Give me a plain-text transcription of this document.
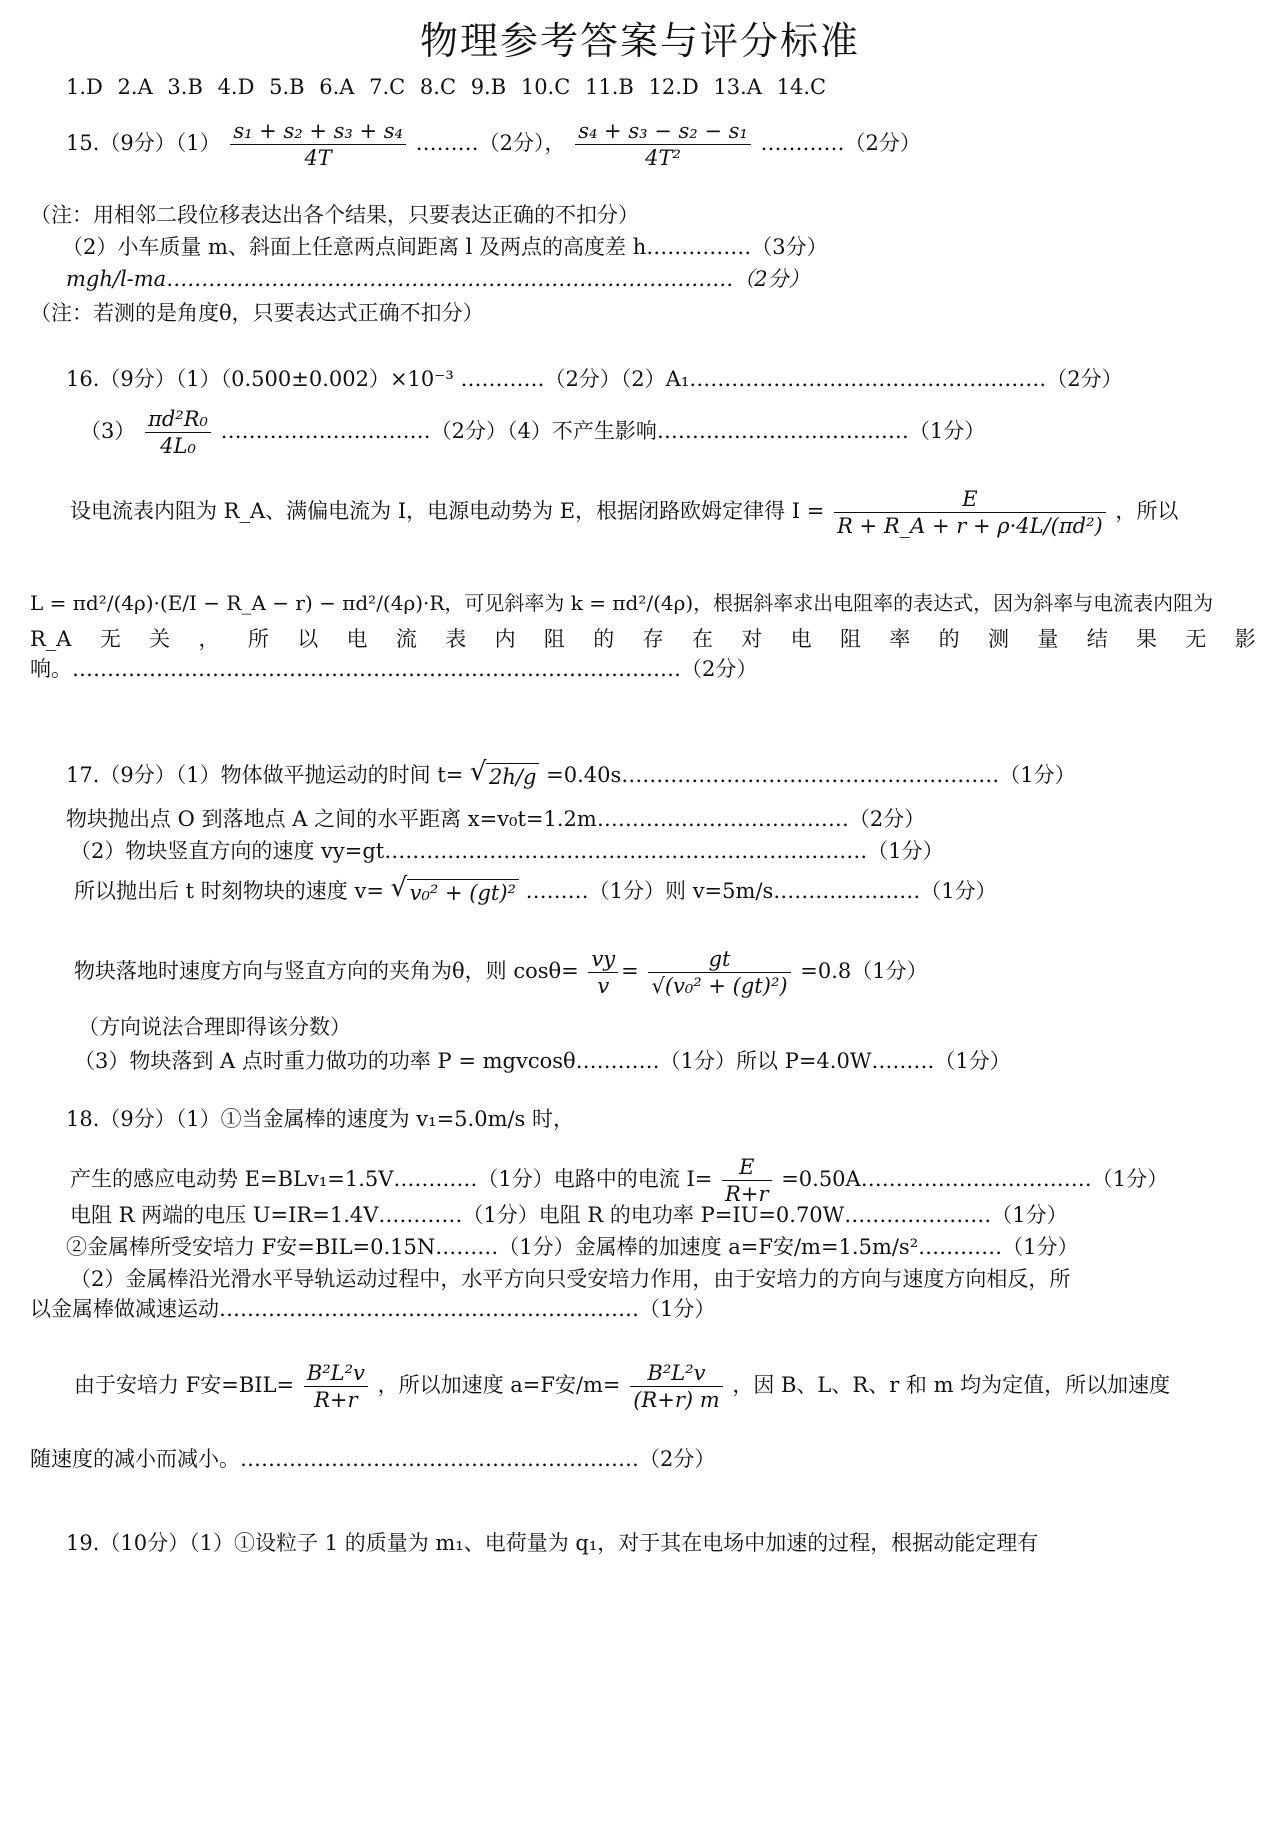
物理参考答案与评分标准
1.D 2.A 3.B 4.D 5.B 6.A 7.C 8.C 9.B 10.C 11.B 12.D 13.A 14.C
15.（9分）$(1) \frac{\text{s₁ + s₂ + s₃ + s₄}}{4T}$ ………（2分）， $\frac{\text{s₄ + s₃ − s₂ − s₁}}{\text{4T²}}$ …………（2分）
（注：用相邻二段位移表达出各个结果，只要表达正确的不扣分）
（2）小车质量 m、斜面上任意两点间距离 l 及两点的高度差 h……………（3分）
mgh/l-ma………………………………………………………………………（2分）
（注：若测的是角度θ，只要表达式正确不扣分）
16.（9分）（1）（0.500±0.002）×10⁻³ …………（2分）（2）A₁……………………………………………（2分）
$(3) \frac{\text{πd²R₀}}{\text{4L₀}}$ …………………………（2分）（4）不产生影响………………………………（1分）
设电流表内阻为 R_A、满偏电流为 I，电源电动势为 E，根据闭路欧姆定律得 $I = \frac{E}{\text{R + R\_A + r + ρ·4L/(πd²)}}$ ，所以
L = πd²/(4ρ)·(E/I − R_A − r) − πd²/(4ρ)·R，可见斜率为 k = πd²/(4ρ)，根据斜率求出电阻率的表达式，因为斜率与电流表内阻为
R_A 无 关 ， 所 以 电 流 表 内 阻 的 存 在 对 电 阻 率 的 测 量 结 果 无 影
响。……………………………………………………………………………（2分）
17.（9分）（1）物体做平抛运动的时间 t= √ 2h/g =0.40s………………………………………………（1分）
物块抛出点 O 到落地点 A 之间的水平距离 x=v₀t=1.2m………………………………（2分）
（2）物块竖直方向的速度 vy=gt……………………………………………………………（1分）
所以抛出后 t 时刻物块的速度 v= √ v₀² + (gt)² ………（1分）则 v=5m/s…………………（1分）
物块落地时速度方向与竖直方向的夹角为θ，则 $\cos\theta= \frac{vy}{v} = \frac{gt}{\text{√(v₀² + (gt)²)}} =0.8(1$分）
（方向说法合理即得该分数）
（3）物块落到 A 点时重力做功的功率 P = mgvcosθ…………（1分）所以 P=4.0W………（1分）
18.（9分）（1）①当金属棒的速度为 v₁=5.0m/s 时，
产生的感应电动势 E=BLv₁=1.5V…………（1分）电路中的电流 $I= \frac{E}{R+r}$ =0.50A……………………………（1分）
电阻 R 两端的电压 U=IR=1.4V…………（1分）电阻 R 的电功率 P=IU=0.70W…………………（1分）
②金属棒所受安培力 F安=BIL=0.15N………（1分）金属棒的加速度 a=F安/m=1.5m/s²…………（1分）
（2）金属棒沿光滑水平导轨运动过程中，水平方向只受安培力作用，由于安培力的方向与速度方向相反，所
以金属棒做减速运动……………………………………………………（1分）
由于安培力 F安$=BIL= \frac{\text{B²L²v}}{R+r}$ ，所以加速度 a=F安$/m= \frac{\text{B²L²v}}{(R+r) m}$ ，因 B、L、R、r 和 m 均为定值，所以加速度
随速度的减小而减小。…………………………………………………（2分）
19.（10分）（1）①设粒子 1 的质量为 m₁、电荷量为 q₁，对于其在电场中加速的过程，根据动能定理有
